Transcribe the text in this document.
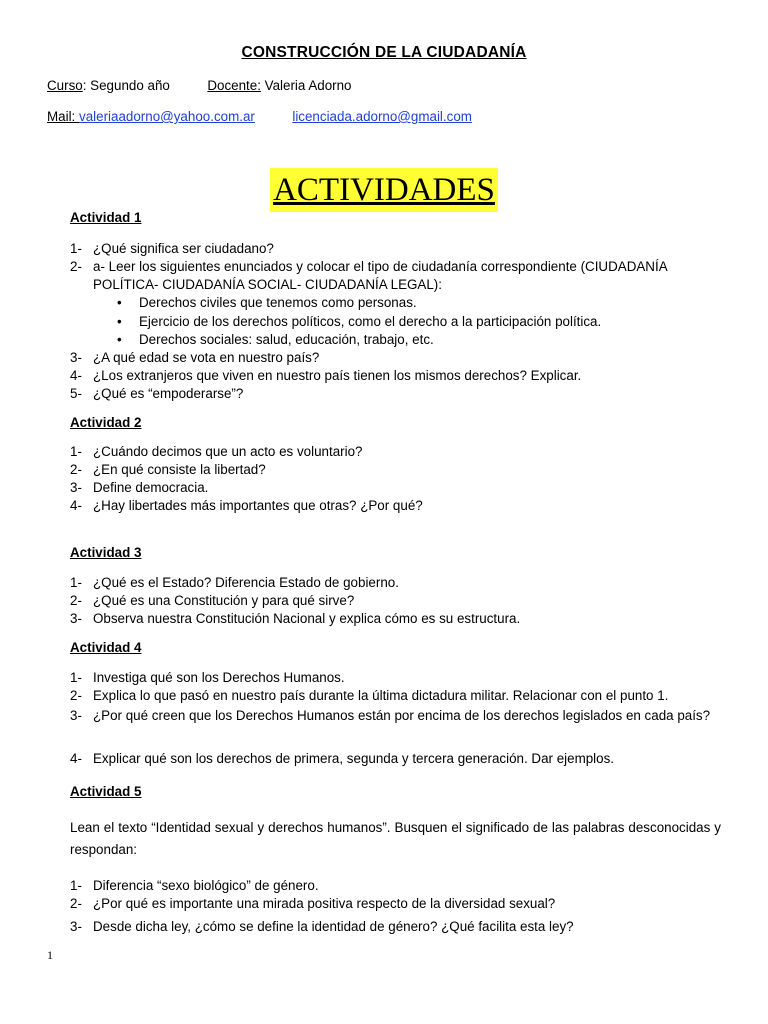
CONSTRUCCIÓN DE LA CIUDADANÍA
Curso: Segundo año	Docente: Valeria Adorno
Mail: valeriaadorno@yahoo.com.ar	licenciada.adorno@gmail.com
ACTIVIDADES
Actividad 1
1- ¿Qué significa ser ciudadano?
2- a- Leer los siguientes enunciados y colocar el tipo de ciudadanía correspondiente (CIUDADANÍA POLÍTICA- CIUDADANÍA SOCIAL- CIUDADANÍA LEGAL):
• Derechos civiles que tenemos como personas.
• Ejercicio de los derechos políticos, como el derecho a la participación política.
• Derechos sociales: salud, educación, trabajo, etc.
3- ¿A qué edad se vota en nuestro país?
4- ¿Los extranjeros que viven en nuestro país tienen los mismos derechos? Explicar.
5- ¿Qué es “empoderarse”?
Actividad 2
1- ¿Cuándo decimos que un acto es voluntario?
2- ¿En qué consiste la libertad?
3- Define democracia.
4- ¿Hay libertades más importantes que otras? ¿Por qué?
Actividad 3
1- ¿Qué es el Estado? Diferencia Estado de gobierno.
2- ¿Qué es una Constitución y para qué sirve?
3- Observa nuestra Constitución Nacional y explica cómo es su estructura.
Actividad 4
1- Investiga qué son los Derechos Humanos.
2- Explica lo que pasó en nuestro país durante la última dictadura militar. Relacionar con el punto 1.
3- ¿Por qué creen que los Derechos Humanos están por encima de los derechos legislados en cada país?
4- Explicar qué son los derechos de primera, segunda y tercera generación. Dar ejemplos.
Actividad 5
Lean el texto “Identidad sexual y derechos humanos”. Busquen el significado de las palabras desconocidas y respondan:
1- Diferencia “sexo biológico” de género.
2- ¿Por qué es importante una mirada positiva respecto de la diversidad sexual?
3- Desde dicha ley, ¿cómo se define la identidad de género? ¿Qué facilita esta ley?
1
